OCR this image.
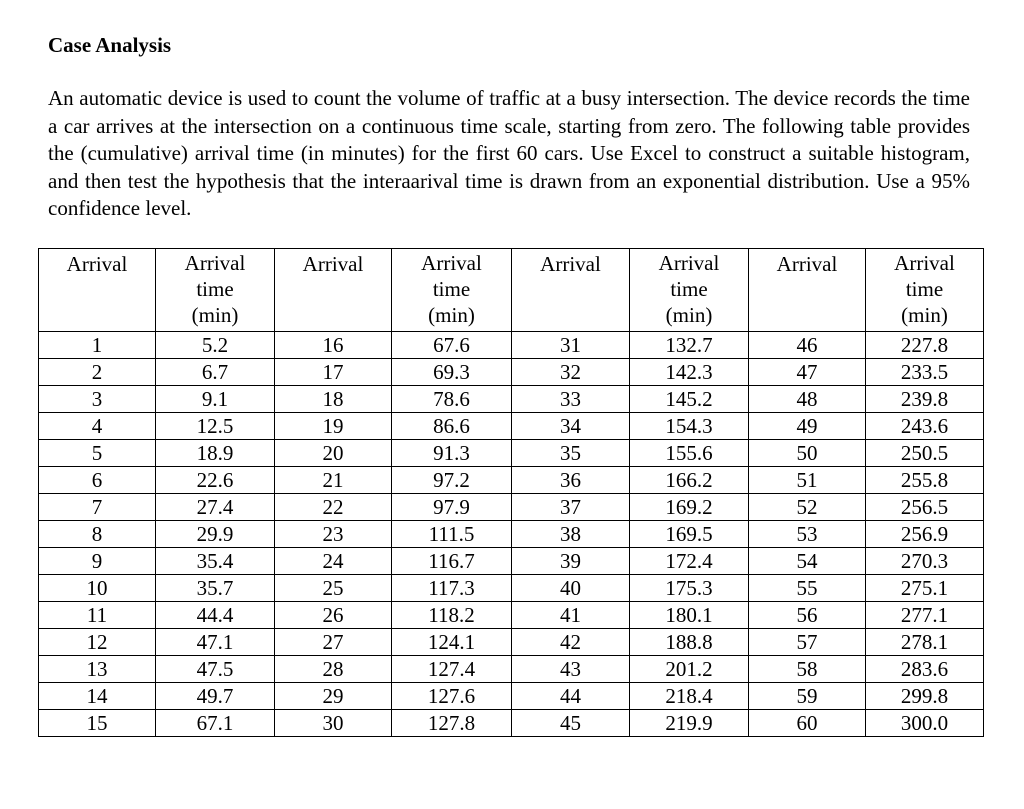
Case Analysis
An automatic device is used to count the volume of traffic at a busy intersection. The device records the time a car arrives at the intersection on a continuous time scale, starting from zero. The following table provides the (cumulative) arrival time (in minutes) for the first 60 cars. Use Excel to construct a suitable histogram, and then test the hypothesis that the interaarival time is drawn from an exponential distribution. Use a 95% confidence level.
Arrival	Arrival
time
(min)	Arrival	Arrival
time
(min)	Arrival	Arrival
time
(min)	Arrival	Arrival
time
(min)

1	5.2	16	67.6	31	132.7	46	227.8
2	6.7	17	69.3	32	142.3	47	233.5
3	9.1	18	78.6	33	145.2	48	239.8
4	12.5	19	86.6	34	154.3	49	243.6
5	18.9	20	91.3	35	155.6	50	250.5
6	22.6	21	97.2	36	166.2	51	255.8
7	27.4	22	97.9	37	169.2	52	256.5
8	29.9	23	111.5	38	169.5	53	256.9
9	35.4	24	116.7	39	172.4	54	270.3
10	35.7	25	117.3	40	175.3	55	275.1
11	44.4	26	118.2	41	180.1	56	277.1
12	47.1	27	124.1	42	188.8	57	278.1
13	47.5	28	127.4	43	201.2	58	283.6
14	49.7	29	127.6	44	218.4	59	299.8
15	67.1	30	127.8	45	219.9	60	300.0
